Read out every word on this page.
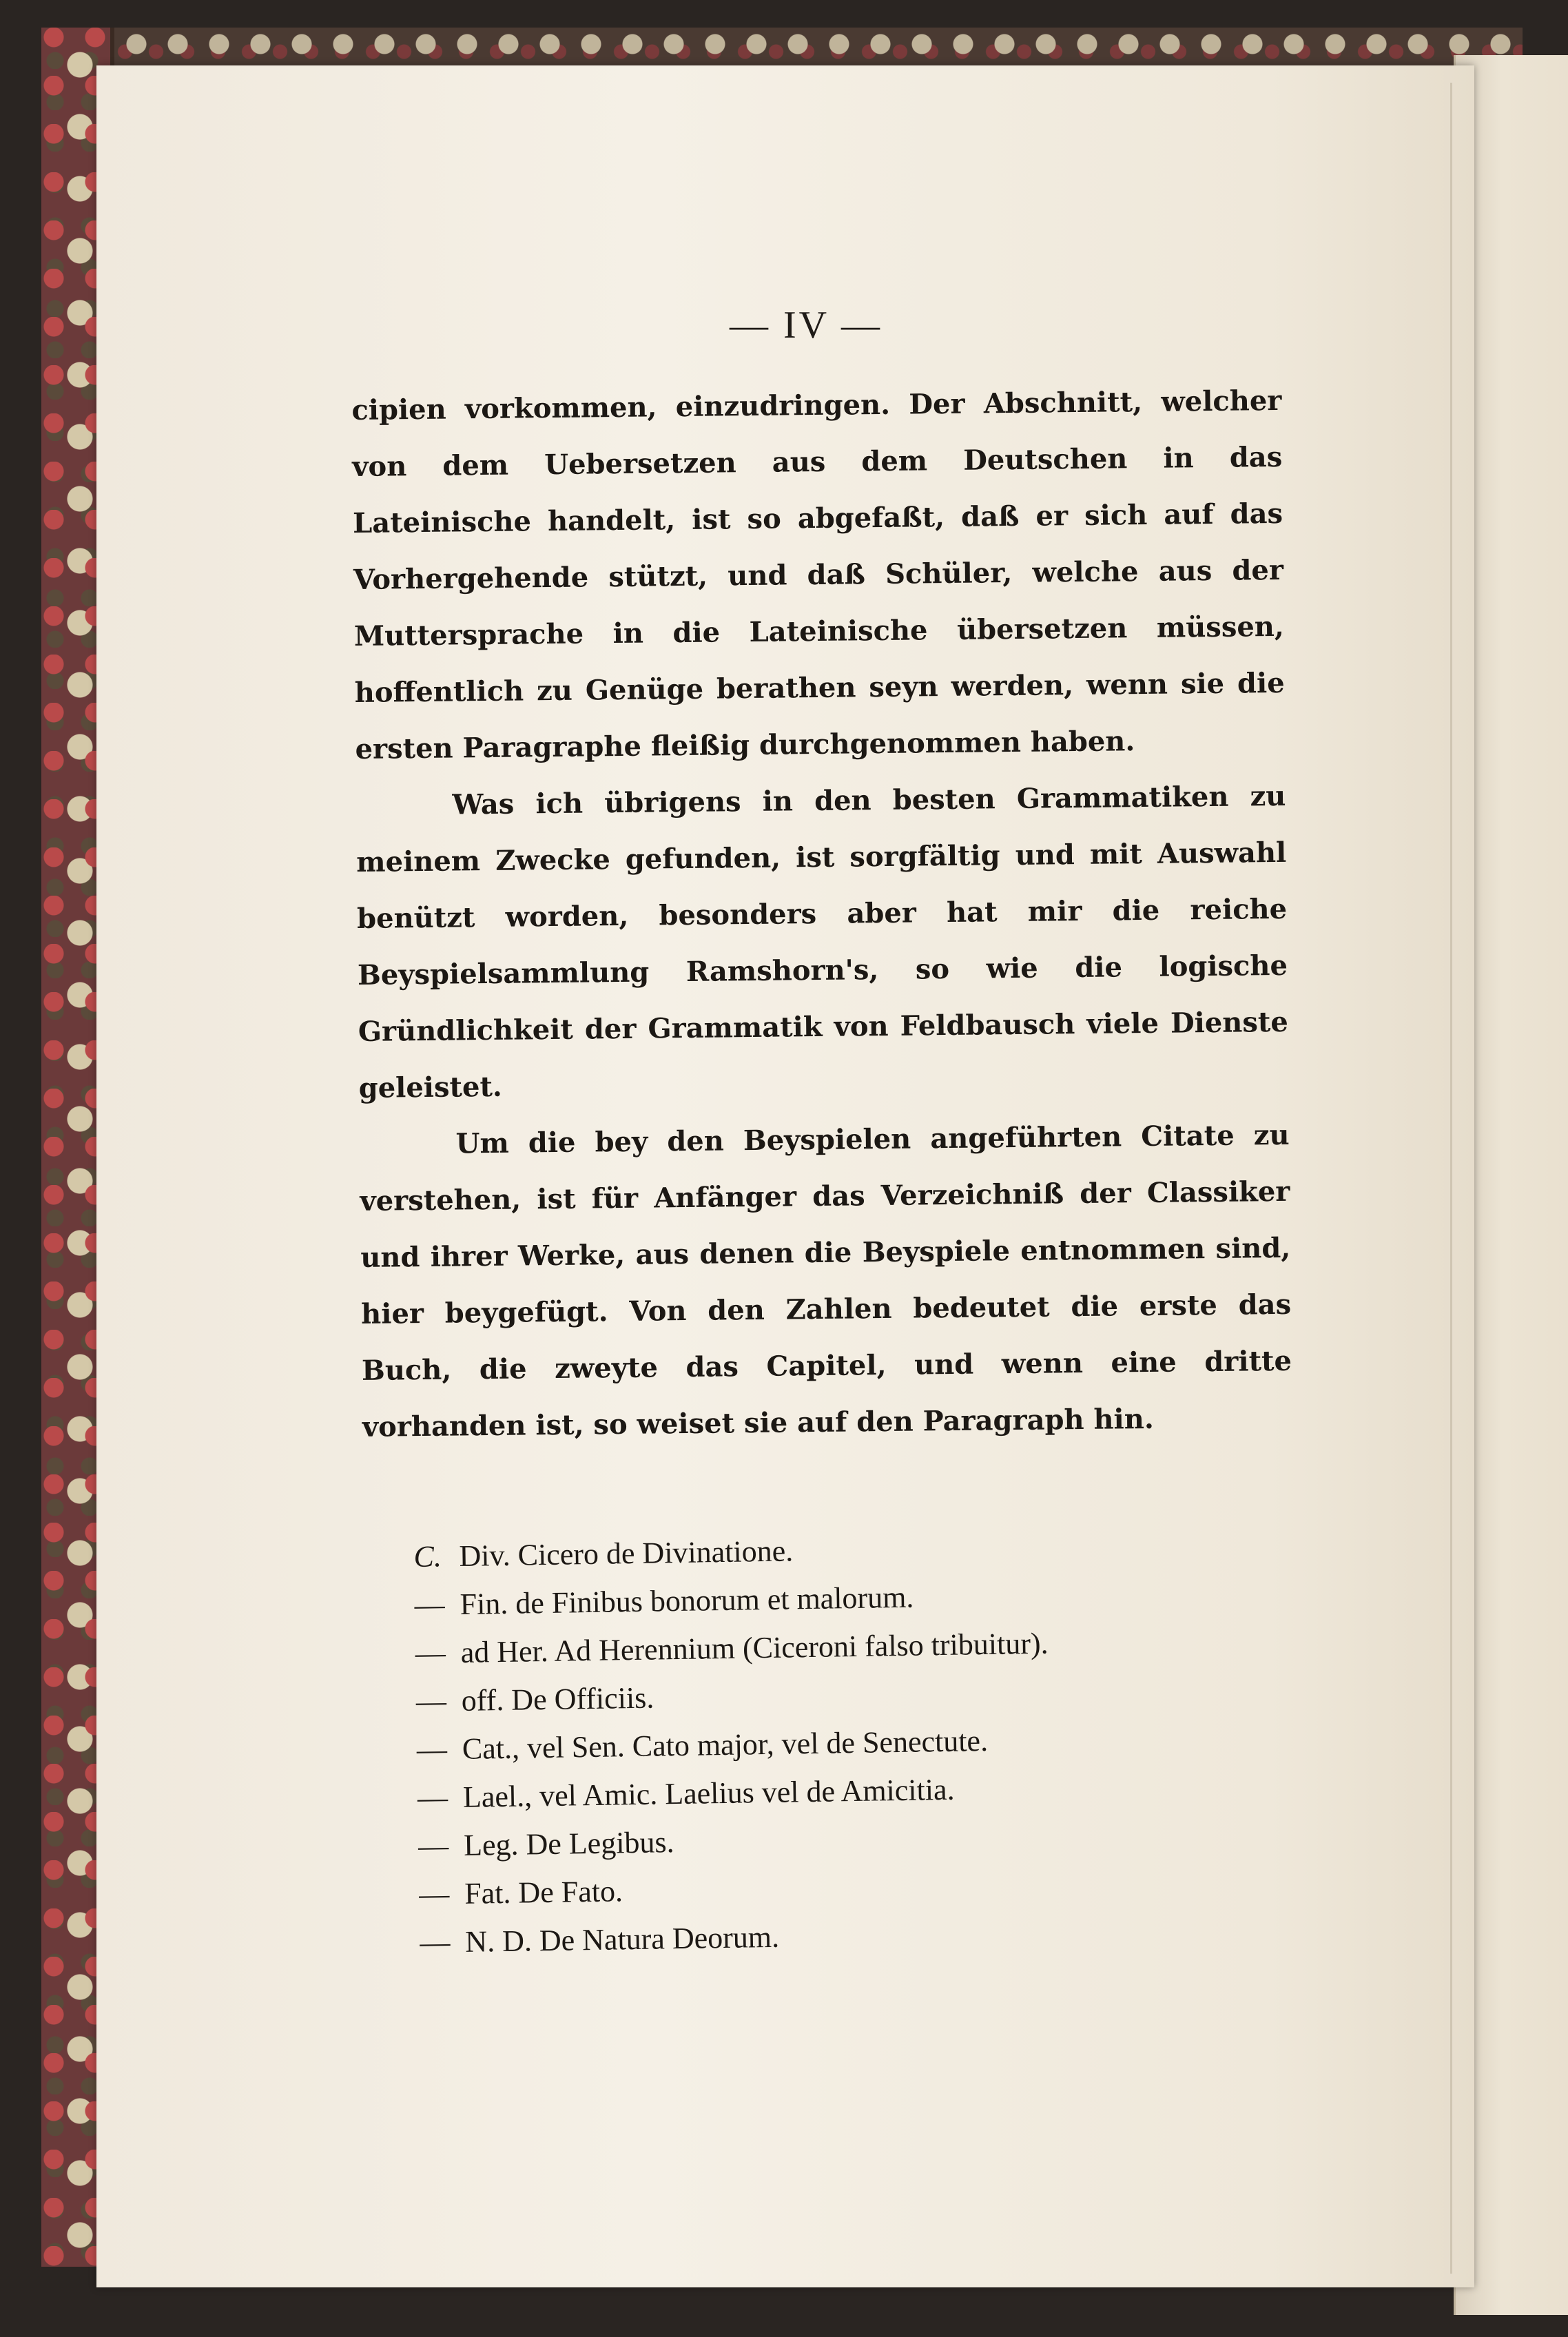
— IV —

cipien vorkommen, einzudringen. Der Abschnitt, welcher von dem Uebersetzen aus dem Deutschen in das Lateinische handelt, ist so abgefaßt, daß er sich auf das Vorhergehende stützt, und daß Schüler, welche aus der Muttersprache in die Lateinische übersetzen müssen, hoffentlich zu Genüge berathen seyn werden, wenn sie die ersten Paragraphe fleißig durchgenommen haben.

Was ich übrigens in den besten Grammatiken zu meinem Zwecke gefunden, ist sorgfältig und mit Auswahl benützt worden, besonders aber hat mir die reiche Beyspielsammlung Ramshorn's, so wie die logische Gründlichkeit der Grammatik von Feldbausch viele Dienste geleistet.

Um die bey den Beyspielen angeführten Citate zu verstehen, ist für Anfänger das Verzeichniß der Classiker und ihrer Werke, aus denen die Beyspiele entnommen sind, hier beygefügt. Von den Zahlen bedeutet die erste das Buch, die zweyte das Capitel, und wenn eine dritte vorhanden ist, so weiset sie auf den Paragraph hin.

C. Div. Cicero de Divinatione.
— Fin. de Finibus bonorum et malorum.
— ad Her. Ad Herennium (Ciceroni falso tribuitur).
— off. De Officiis.
— Cat., vel Sen. Cato major, vel de Senectute.
— Lael., vel Amic. Laelius vel de Amicitia.
— Leg. De Legibus.
— Fat. De Fato.
— N. D. De Natura Deorum.
